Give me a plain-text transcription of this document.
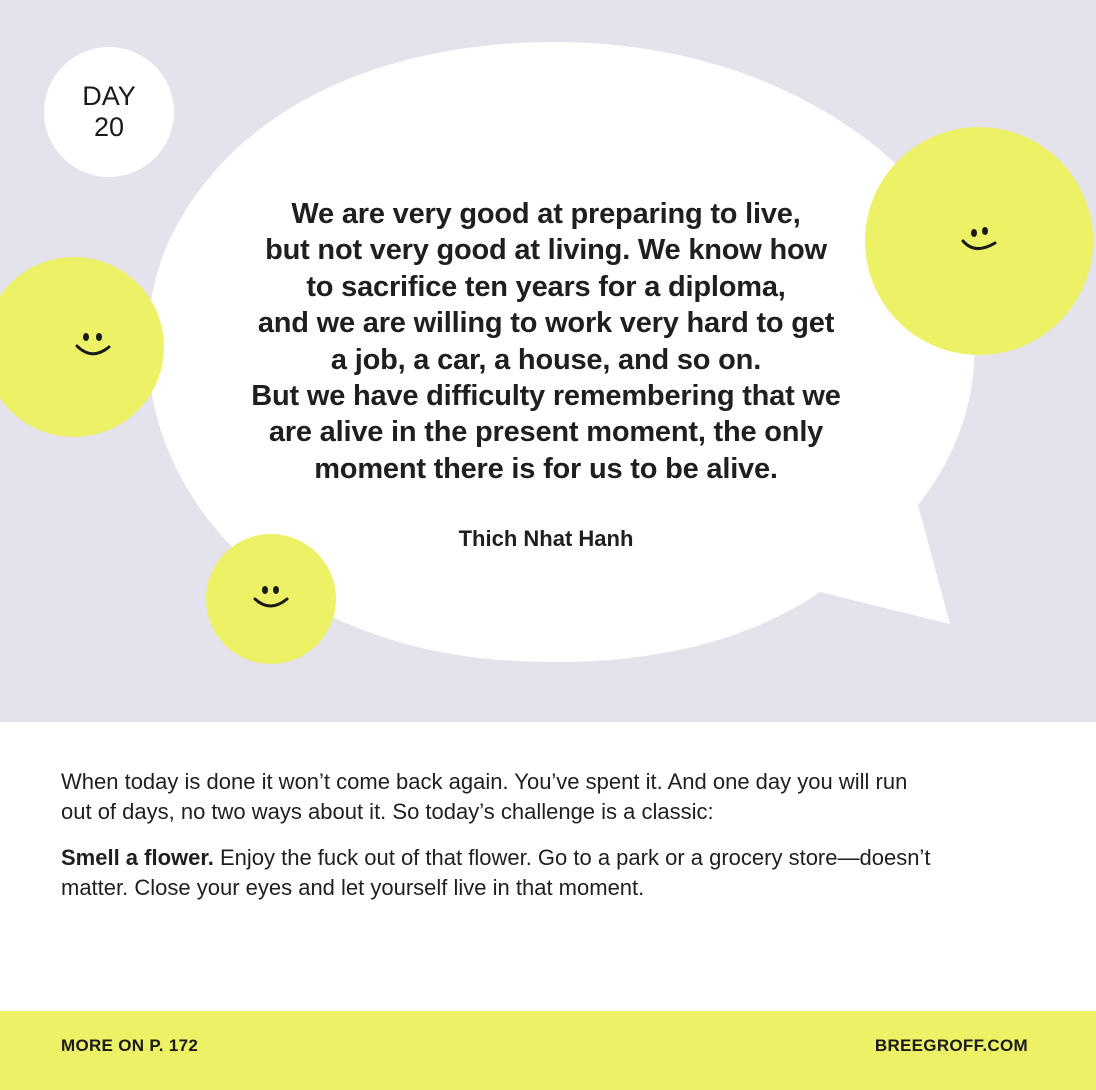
DAY
20
We are very good at preparing to live,
but not very good at living. We know how
to sacrifice ten years for a diploma,
and we are willing to work very hard to get
a job, a car, a house, and so on.
But we have difficulty remembering that we
are alive in the present moment, the only
moment there is for us to be alive.
Thich Nhat Hanh

When today is done it won’t come back again. You’ve spent it. And one day you will run
out of days, no two ways about it. So today’s challenge is a classic:

Smell a flower. Enjoy the fuck out of that flower. Go to a park or a grocery store—doesn’t
matter. Close your eyes and let yourself live in that moment.

MORE ON P. 172	BREEGROFF.COM
